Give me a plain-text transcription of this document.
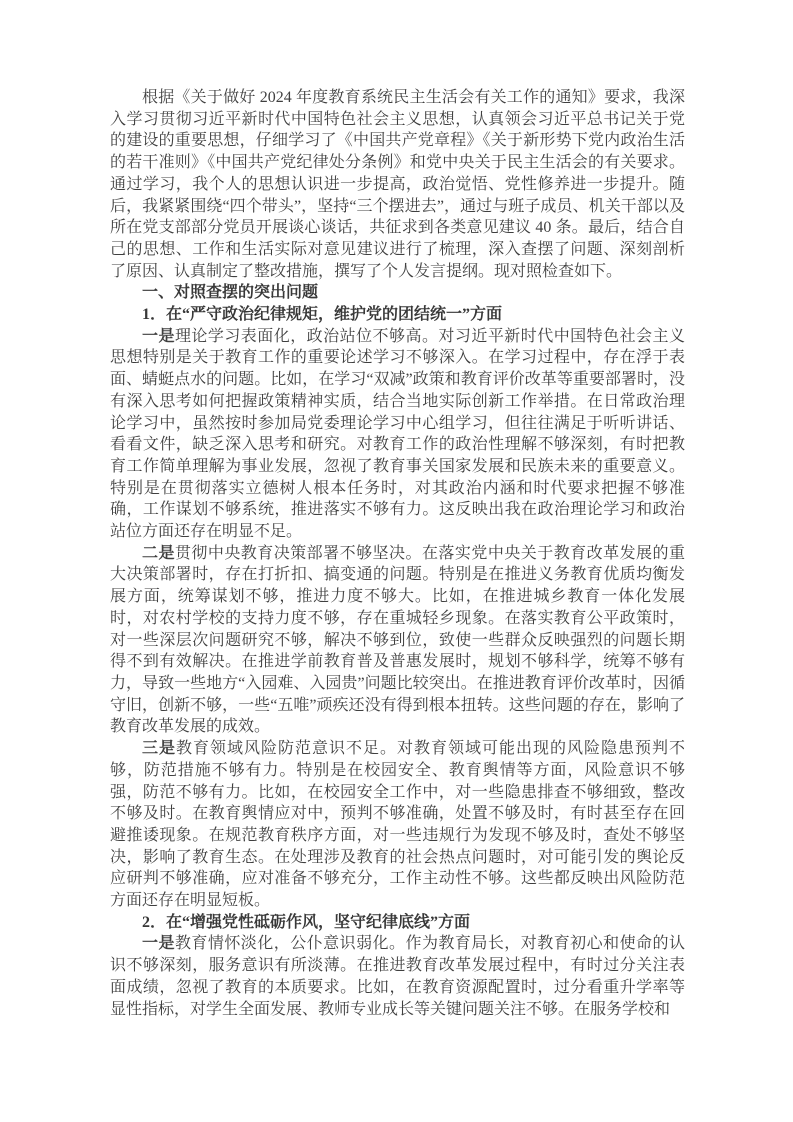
根据《关于做好 2024 年度教育系统民主生活会有关工作的通知》要求，我深入学习贯彻习近平新时代中国特色社会主义思想，认真领会习近平总书记关于党的建设的重要思想，仔细学习了《中国共产党章程》《关于新形势下党内政治生活的若干准则》《中国共产党纪律处分条例》和党中央关于民主生活会的有关要求。通过学习，我个人的思想认识进一步提高，政治觉悟、党性修养进一步提升。随后，我紧紧围绕“四个带头”，坚持“三个摆进去”，通过与班子成员、机关干部以及所在党支部部分党员开展谈心谈话，共征求到各类意见建议 40 条。最后，结合自己的思想、工作和生活实际对意见建议进行了梳理，深入查摆了问题、深刻剖析了原因、认真制定了整改措施，撰写了个人发言提纲。现对照检查如下。

一、对照查摆的突出问题

1．在“严守政治纪律规矩，维护党的团结统一”方面

一是理论学习表面化，政治站位不够高。对习近平新时代中国特色社会主义思想特别是关于教育工作的重要论述学习不够深入。在学习过程中，存在浮于表面、蜻蜓点水的问题。比如，在学习“双减”政策和教育评价改革等重要部署时，没有深入思考如何把握政策精神实质，结合当地实际创新工作举措。在日常政治理论学习中，虽然按时参加局党委理论学习中心组学习，但往往满足于听听讲话、看看文件，缺乏深入思考和研究。对教育工作的政治性理解不够深刻，有时把教育工作简单理解为事业发展，忽视了教育事关国家发展和民族未来的重要意义。特别是在贯彻落实立德树人根本任务时，对其政治内涵和时代要求把握不够准确，工作谋划不够系统，推进落实不够有力。这反映出我在政治理论学习和政治站位方面还存在明显不足。

二是贯彻中央教育决策部署不够坚决。在落实党中央关于教育改革发展的重大决策部署时，存在打折扣、搞变通的问题。特别是在推进义务教育优质均衡发展方面，统筹谋划不够，推进力度不够大。比如，在推进城乡教育一体化发展时，对农村学校的支持力度不够，存在重城轻乡现象。在落实教育公平政策时，对一些深层次问题研究不够，解决不够到位，致使一些群众反映强烈的问题长期得不到有效解决。在推进学前教育普及普惠发展时，规划不够科学，统筹不够有力，导致一些地方“入园难、入园贵”问题比较突出。在推进教育评价改革时，因循守旧，创新不够，一些“五唯”顽疾还没有得到根本扭转。这些问题的存在，影响了教育改革发展的成效。

三是教育领域风险防范意识不足。对教育领域可能出现的风险隐患预判不够，防范措施不够有力。特别是在校园安全、教育舆情等方面，风险意识不够强，防范不够有力。比如，在校园安全工作中，对一些隐患排查不够细致，整改不够及时。在教育舆情应对中，预判不够准确，处置不够及时，有时甚至存在回避推诿现象。在规范教育秩序方面，对一些违规行为发现不够及时，查处不够坚决，影响了教育生态。在处理涉及教育的社会热点问题时，对可能引发的舆论反应研判不够准确，应对准备不够充分，工作主动性不够。这些都反映出风险防范方面还存在明显短板。

2．在“增强党性砥砺作风，坚守纪律底线”方面

一是教育情怀淡化，公仆意识弱化。作为教育局长，对教育初心和使命的认识不够深刻，服务意识有所淡薄。在推进教育改革发展过程中，有时过分关注表面成绩，忽视了教育的本质要求。比如，在教育资源配置时，过分看重升学率等显性指标，对学生全面发展、教师专业成长等关键问题关注不够。在服务学校和
